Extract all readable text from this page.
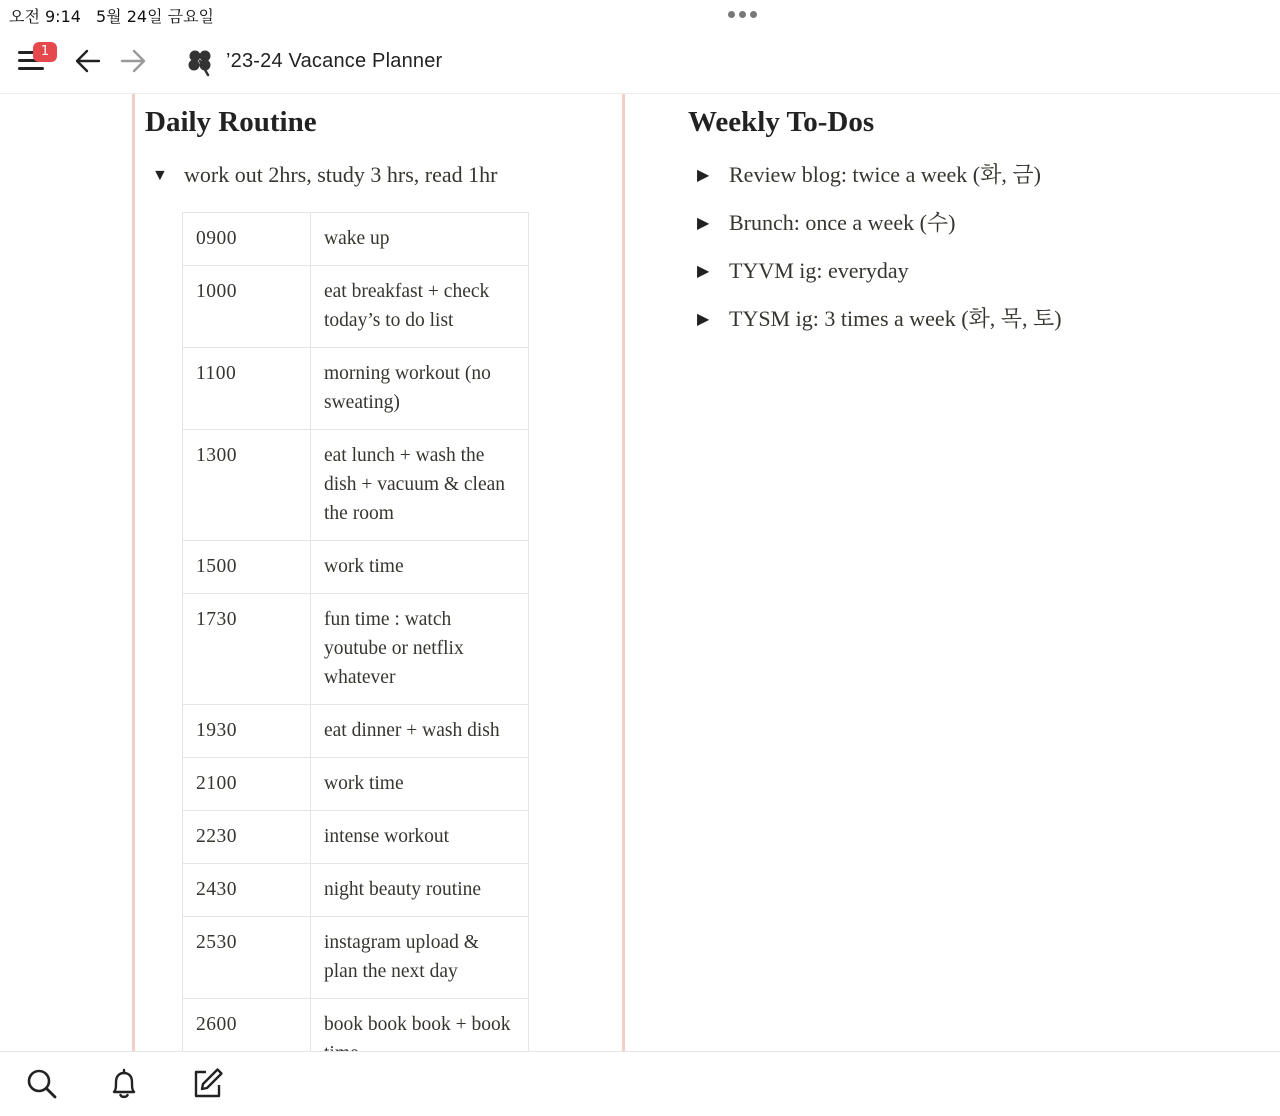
오전 9:14 5월 24일 금요일
1	’23-24 Vacance Planner
Daily Routine
▼ work out 2hrs, study 3 hrs, read 1hr
0900	wake up
1000	eat breakfast + check today’s to do list
1100	morning workout (no sweating)
1300	eat lunch + wash the dish + vacuum & clean the room
1500	work time
1730	fun time : watch youtube or netflix whatever
1930	eat dinner + wash dish
2100	work time
2230	intense workout
2430	night beauty routine
2530	instagram upload & plan the next day
2600	book book book + book
Weekly To-Dos
▶ Review blog: twice a week (화, 금)
▶ Brunch: once a week (수)
▶ TYVM ig: everyday
▶ TYSM ig: 3 times a week (화, 목, 토)
